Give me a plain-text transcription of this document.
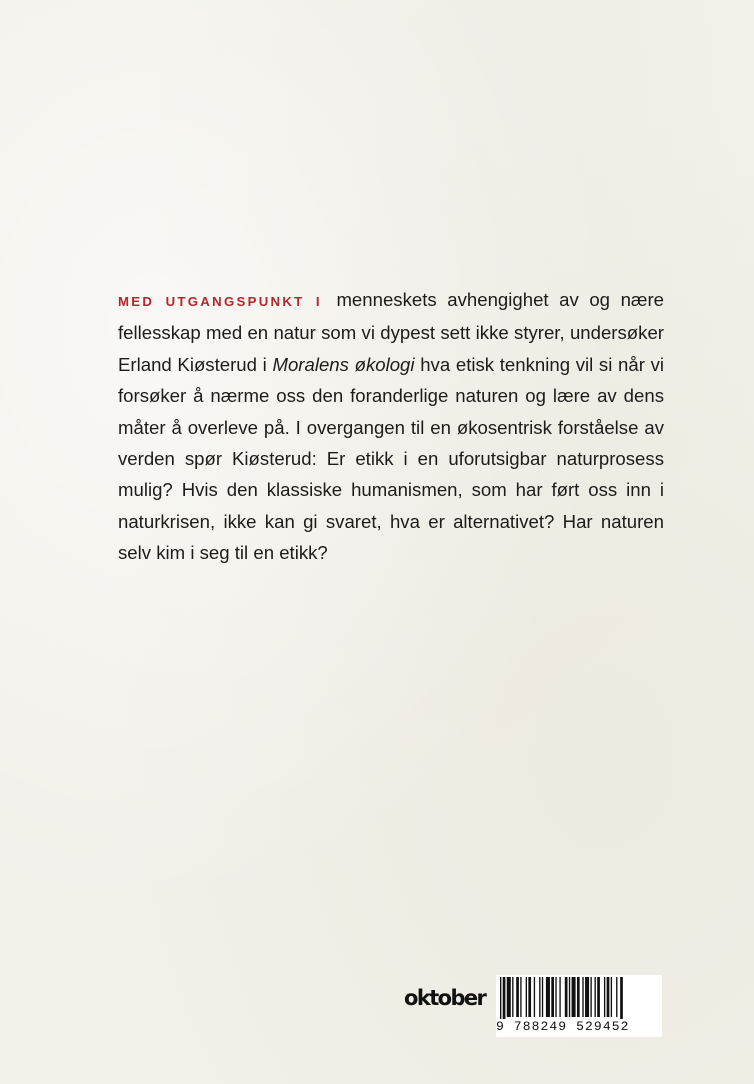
MED UTGANGSPUNKT I menneskets avhengighet av og nære fellesskap med en natur som vi dypest sett ikke styrer, undersøker Erland Kiøsterud i Moralens økologi hva etisk tenkning vil si når vi forsøker å nærme oss den foranderlige naturen og lære av dens måter å overleve på. I overgangen til en økosentrisk forståelse av verden spør Kiøsterud: Er etikk i en uforutsigbar naturprosess mulig? Hvis den klassiske humanismen, som har ført oss inn i naturkrisen, ikke kan gi svaret, hva er alternativet? Har naturen selv kim i seg til en etikk?

oktober
9 788249 529452
